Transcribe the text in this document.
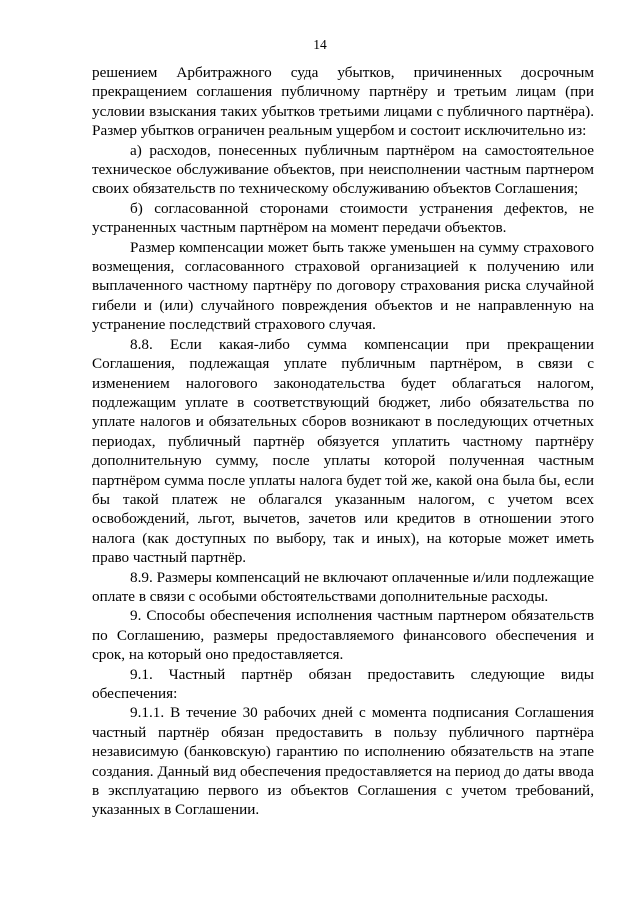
14

решением Арбитражного суда убытков, причиненных досрочным прекращением соглашения публичному партнёру и третьим лицам (при условии взыскания таких убытков третьими лицами с публичного партнёра). Размер убытков ограничен реальным ущербом и состоит исключительно из:

а) расходов, понесенных публичным партнёром на самостоятельное техническое обслуживание объектов, при неисполнении частным партнером своих обязательств по техническому обслуживанию объектов Соглашения;

б) согласованной сторонами стоимости устранения дефектов, не устраненных частным партнёром на момент передачи объектов.

Размер компенсации может быть также уменьшен на сумму страхового возмещения, согласованного страховой организацией к получению или выплаченного частному партнёру по договору страхования риска случайной гибели и (или) случайного повреждения объектов и не направленную на устранение последствий страхового случая.

8.8. Если какая-либо сумма компенсации при прекращении Соглашения, подлежащая уплате публичным партнёром, в связи с изменением налогового законодательства будет облагаться налогом, подлежащим уплате в соответствующий бюджет, либо обязательства по уплате налогов и обязательных сборов возникают в последующих отчетных периодах, публичный партнёр обязуется уплатить частному партнёру дополнительную сумму, после уплаты которой полученная частным партнёром сумма после уплаты налога будет той же, какой она была бы, если бы такой платеж не облагался указанным налогом, с учетом всех освобождений, льгот, вычетов, зачетов или кредитов в отношении этого налога (как доступных по выбору, так и иных), на которые может иметь право частный партнёр.

8.9. Размеры компенсаций не включают оплаченные и/или подлежащие оплате в связи с особыми обстоятельствами дополнительные расходы.

9. Способы обеспечения исполнения частным партнером обязательств по Соглашению, размеры предоставляемого финансового обеспечения и срок, на который оно предоставляется.

9.1. Частный партнёр обязан предоставить следующие виды обеспечения:

9.1.1. В течение 30 рабочих дней с момента подписания Соглашения частный партнёр обязан предоставить в пользу публичного партнёра независимую (банковскую) гарантию по исполнению обязательств на этапе создания. Данный вид обеспечения предоставляется на период до даты ввода в эксплуатацию первого из объектов Соглашения с учетом требований, указанных в Соглашении.
